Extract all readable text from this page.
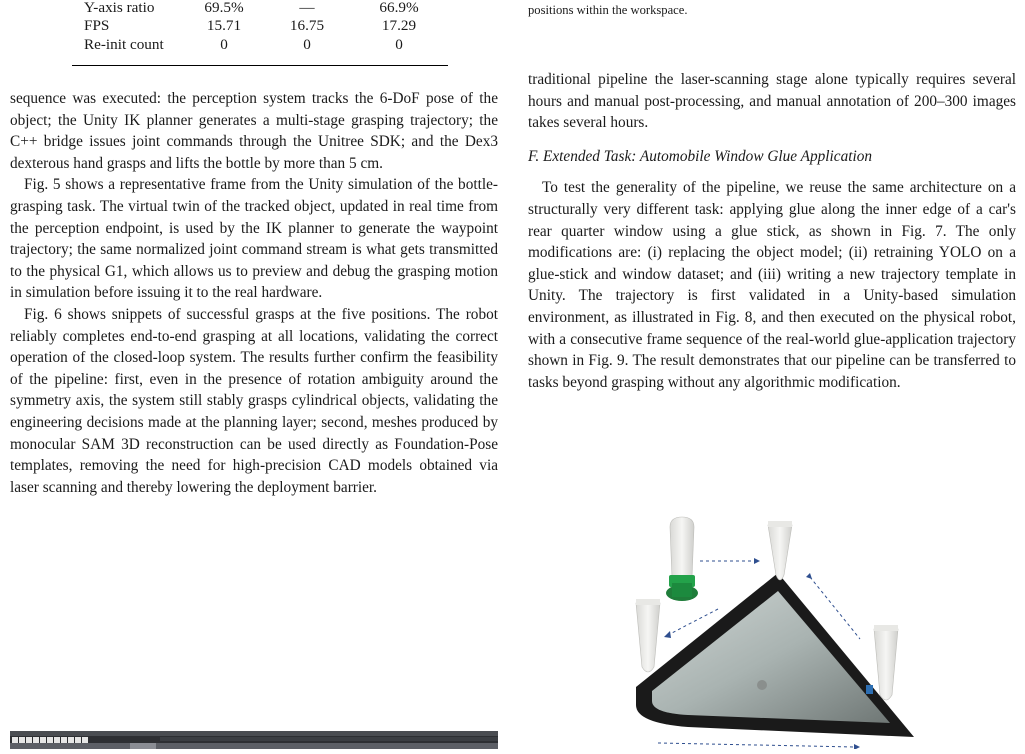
Y-axis ratio	69.5%	—	66.9%
FPS	15.71	16.75	17.29
Re-init count	0	0	0

sequence was executed: the perception system tracks the 6-DoF pose of the object; the Unity IK planner generates a multi-stage grasping trajectory; the C++ bridge issues joint commands through the Unitree SDK; and the Dex3 dexterous hand grasps and lifts the bottle by more than 5 cm.

Fig. 5 shows a representative frame from the Unity simulation of the bottle-grasping task. The virtual twin of the tracked object, updated in real time from the perception endpoint, is used by the IK planner to generate the waypoint trajectory; the same normalized joint command stream is what gets transmitted to the physical G1, which allows us to preview and debug the grasping motion in simulation before issuing it to the real hardware.

Fig. 6 shows snippets of successful grasps at the five positions. The robot reliably completes end-to-end grasping at all locations, validating the correct operation of the closed-loop system. The results further confirm the feasibility of the pipeline: first, even in the presence of rotation ambiguity around the symmetry axis, the system still stably grasps cylindrical objects, validating the engineering decisions made at the planning layer; second, meshes produced by monocular SAM 3D reconstruction can be used directly as Foundation-Pose templates, removing the need for high-precision CAD models obtained via laser scanning and thereby lowering the deployment barrier.

positions within the workspace.

traditional pipeline the laser-scanning stage alone typically requires several hours and manual post-processing, and manual annotation of 200–300 images takes several hours.

F. Extended Task: Automobile Window Glue Application

To test the generality of the pipeline, we reuse the same architecture on a structurally very different task: applying glue along the inner edge of a car's rear quarter window using a glue stick, as shown in Fig. 7. The only modifications are: (i) replacing the object model; (ii) retraining YOLO on a glue-stick and window dataset; and (iii) writing a new trajectory template in Unity. The trajectory is first validated in a Unity-based simulation environment, as illustrated in Fig. 8, and then executed on the physical robot, with a consecutive frame sequence of the real-world glue-application trajectory shown in Fig. 9. The result demonstrates that our pipeline can be transferred to tasks beyond grasping without any algorithmic modification.
